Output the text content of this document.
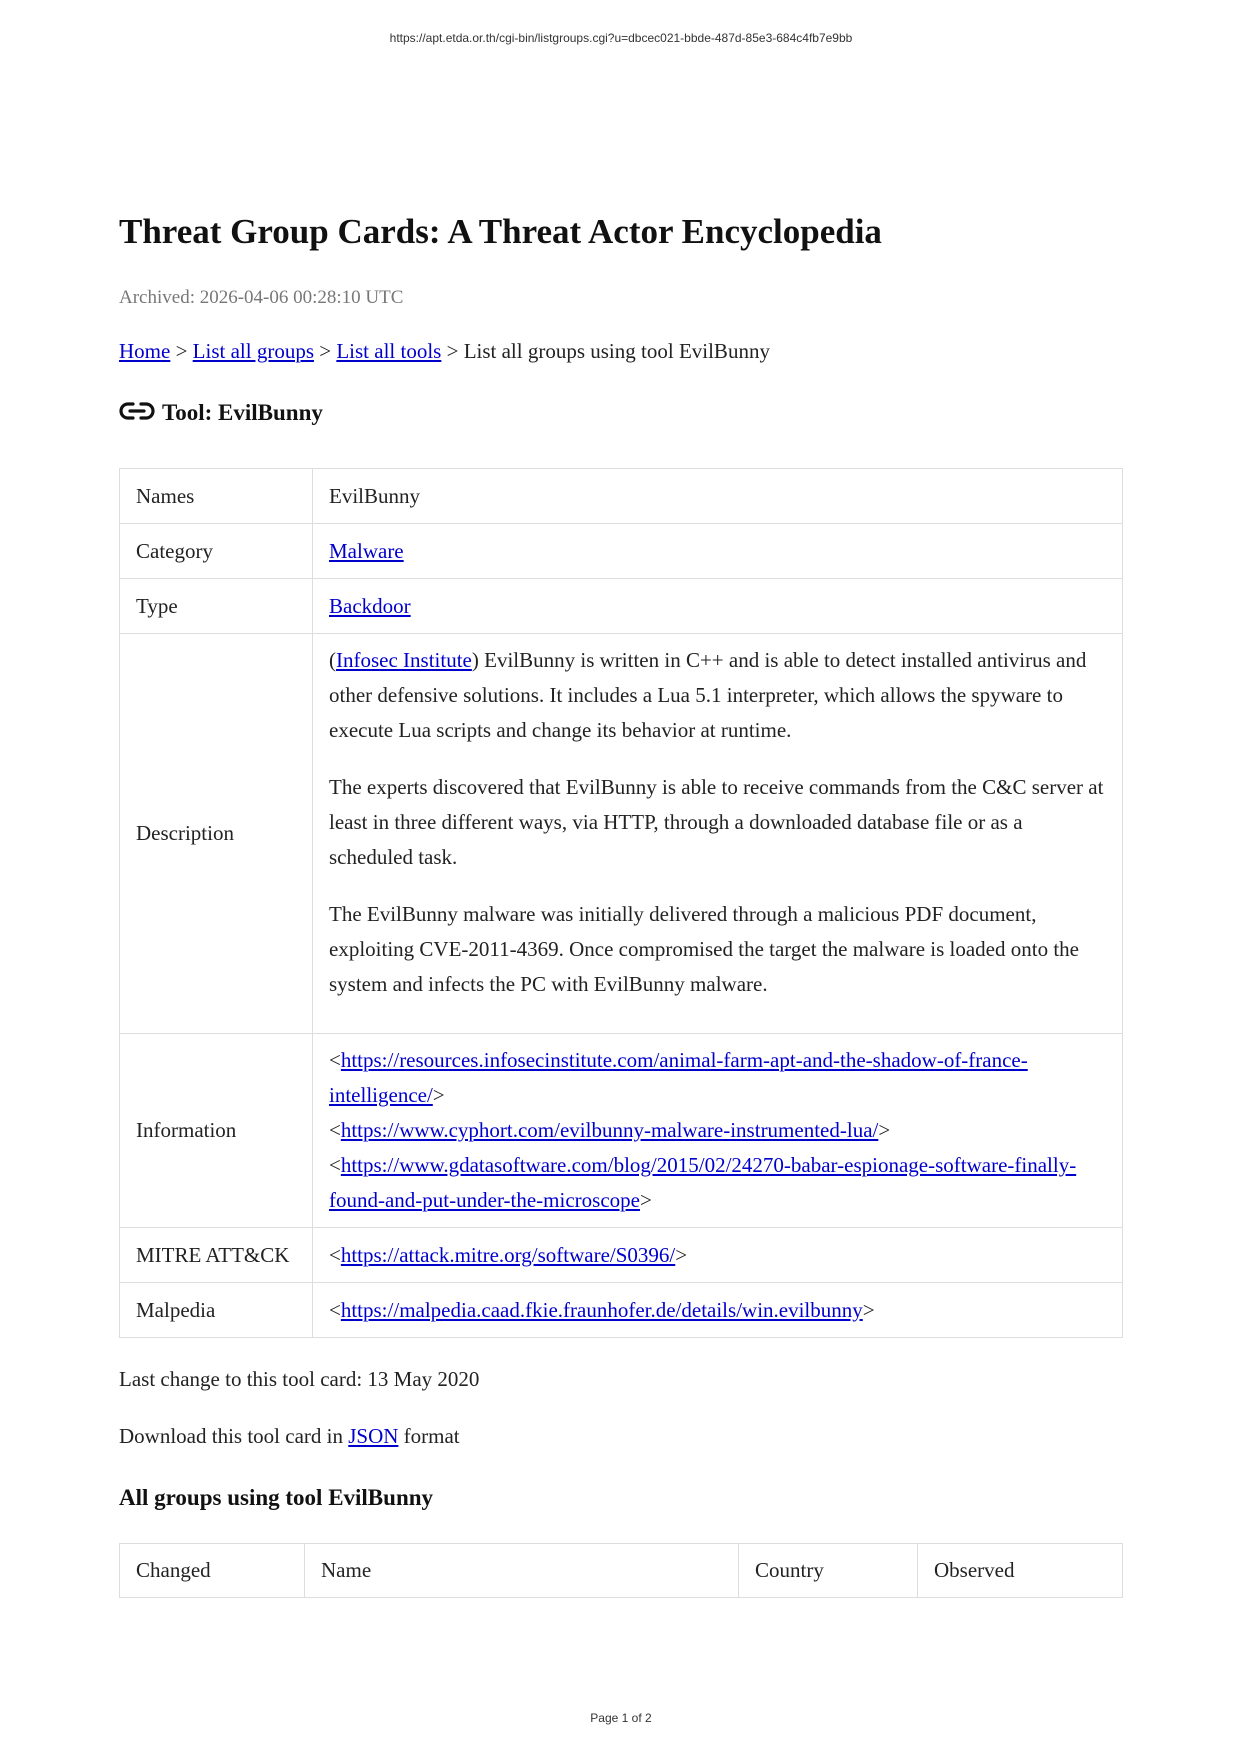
https://apt.etda.or.th/cgi-bin/listgroups.cgi?u=dbcec021-bbde-487d-85e3-684c4fb7e9bb
Threat Group Cards: A Threat Actor Encyclopedia
Archived: 2026-04-06 00:28:10 UTC
Home > List all groups > List all tools > List all groups using tool EvilBunny
Tool: EvilBunny
Names	EvilBunny
Category	Malware
Type	Backdoor
Description	(Infosec Institute) EvilBunny is written in C++ and is able to detect installed antivirus and other defensive solutions. It includes a Lua 5.1 interpreter, which allows the spyware to execute Lua scripts and change its behavior at runtime.

The experts discovered that EvilBunny is able to receive commands from the C&C server at least in three different ways, via HTTP, through a downloaded database file or as a scheduled task.

The EvilBunny malware was initially delivered through a malicious PDF document, exploiting CVE-2011-4369. Once compromised the target the malware is loaded onto the system and infects the PC with EvilBunny malware.

Information	<https://resources.infosecinstitute.com/animal-farm-apt-and-the-shadow-of-france-intelligence/>
<https://www.cyphort.com/evilbunny-malware-instrumented-lua/>
<https://www.gdatasoftware.com/blog/2015/02/24270-babar-espionage-software-finally-found-and-put-under-the-microscope>
MITRE ATT&CK	<https://attack.mitre.org/software/S0396/>
Malpedia	<https://malpedia.caad.fkie.fraunhofer.de/details/win.evilbunny>
Last change to this tool card: 13 May 2020
Download this tool card in JSON format
All groups using tool EvilBunny
Changed	Name	Country	Observed
Page 1 of 2
